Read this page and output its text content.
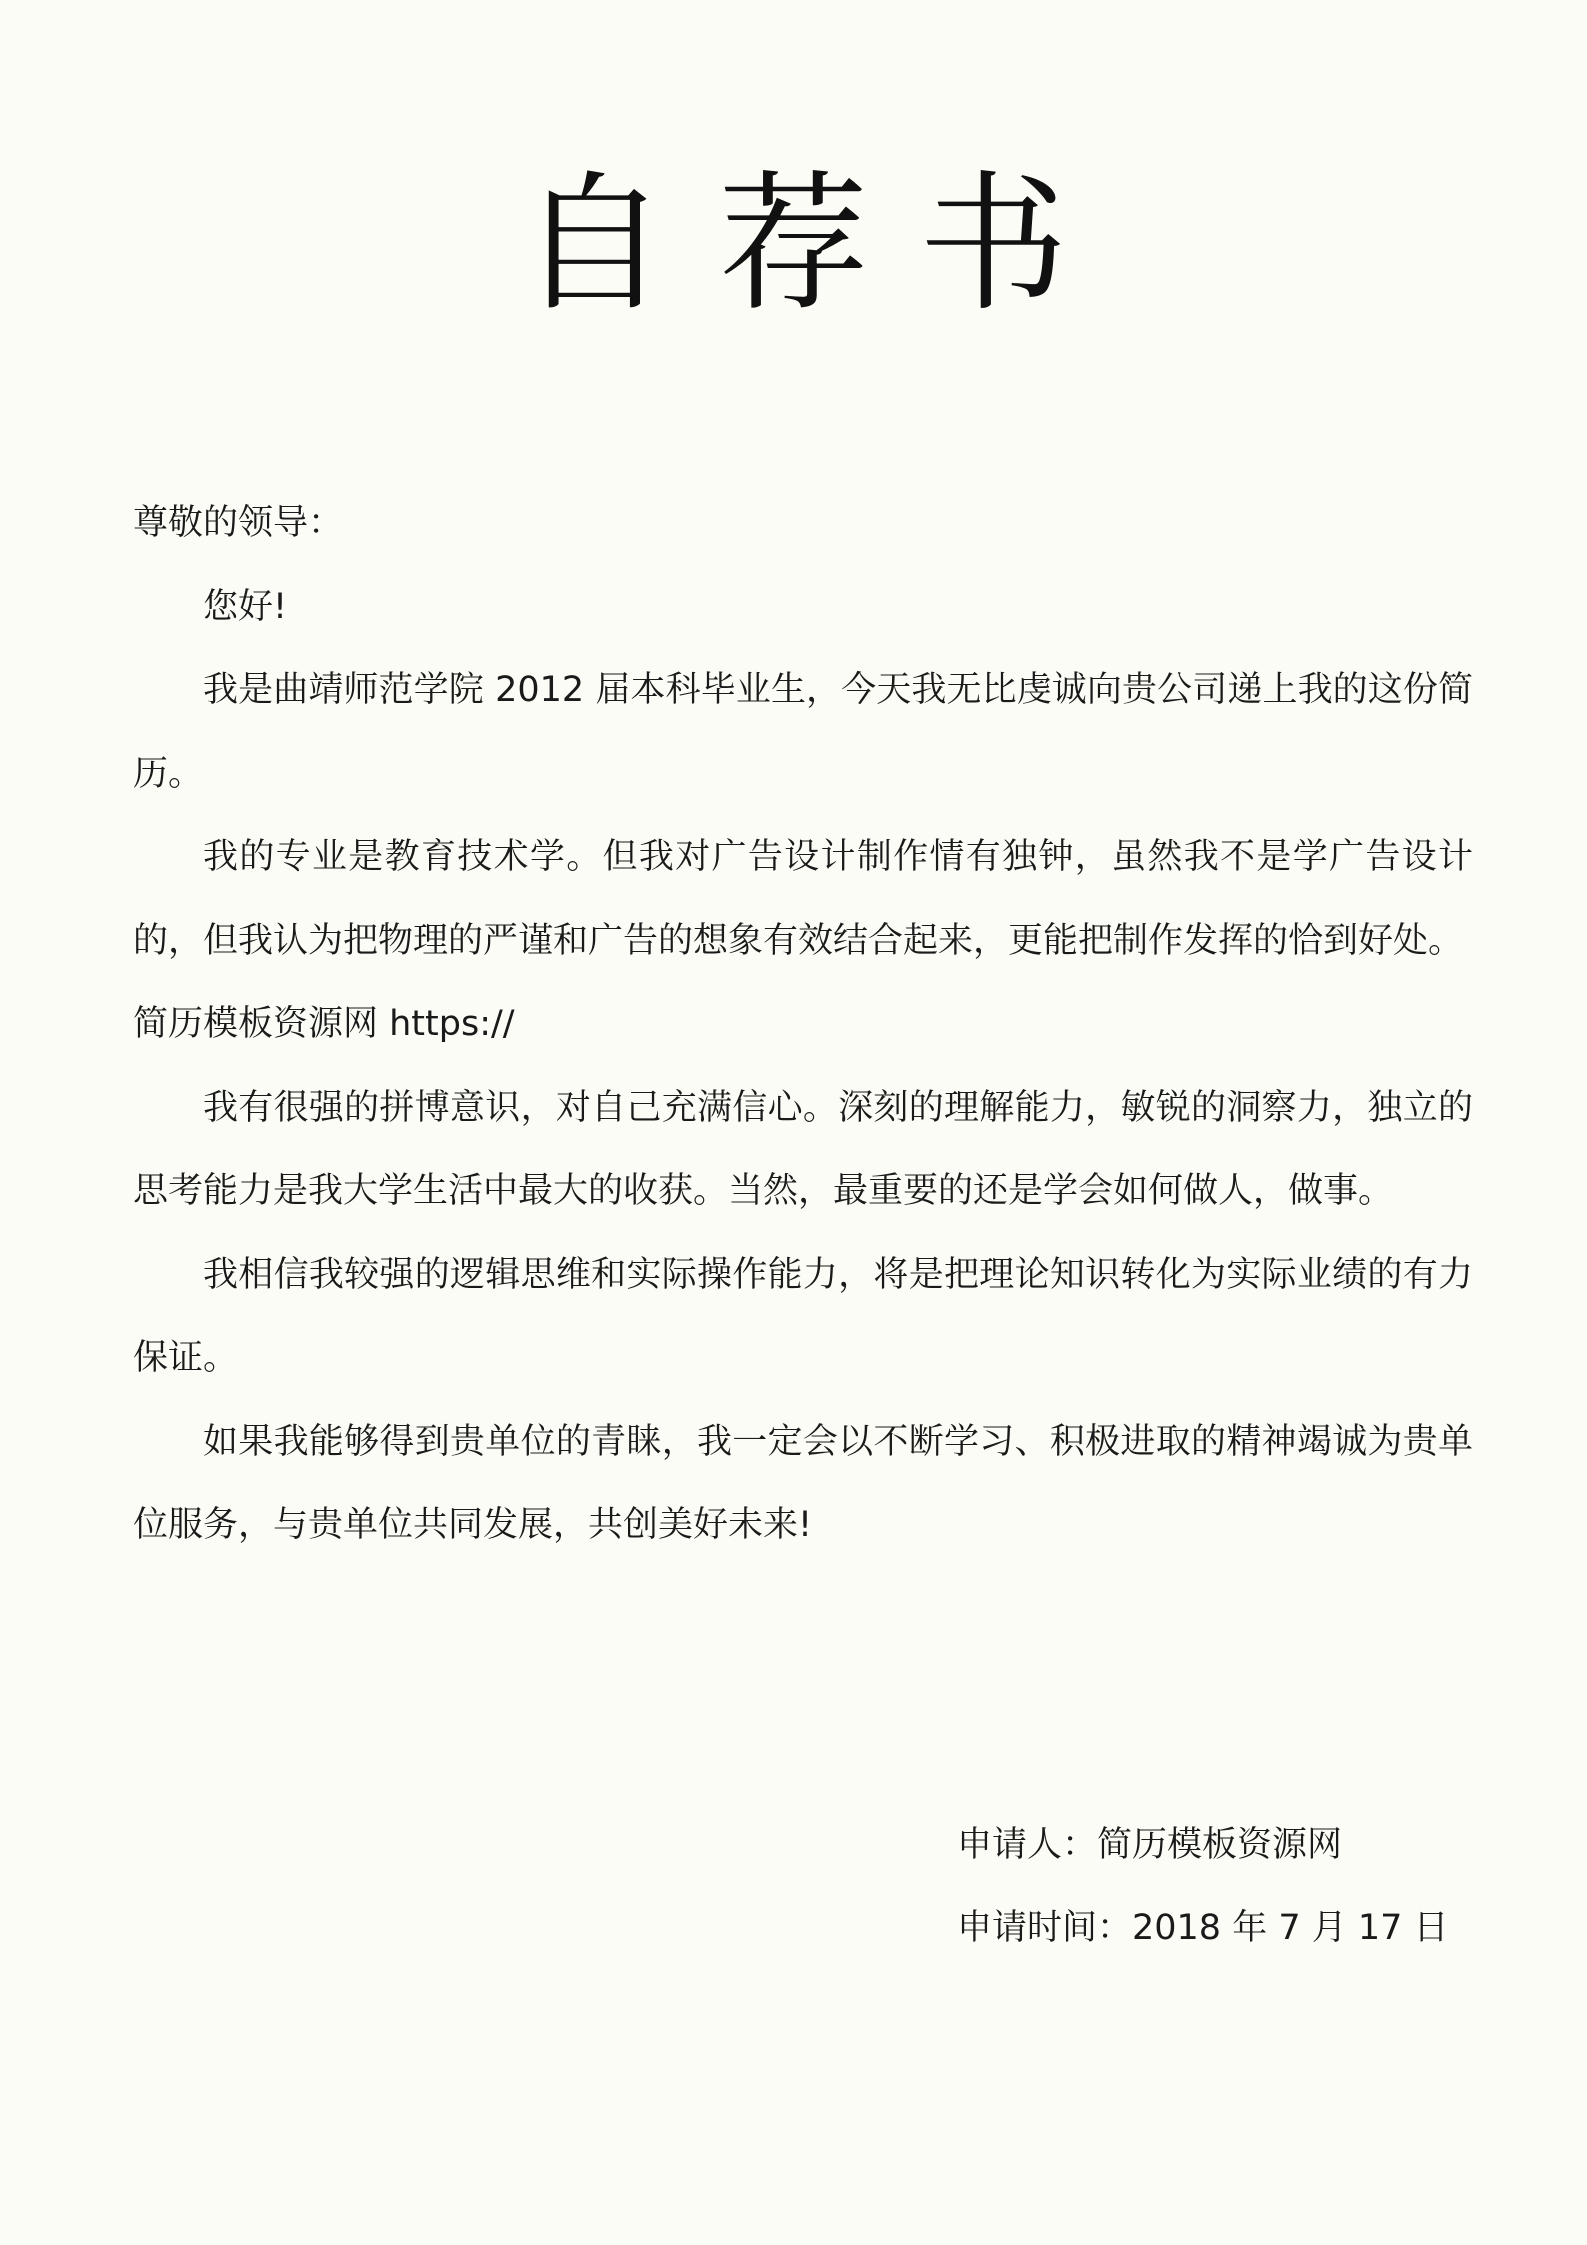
自荐书

尊敬的领导：

您好!

我是曲靖师范学院 2012 届本科毕业生，今天我无比虔诚向贵公司递上我的这份简历。

我的专业是教育技术学。但我对广告设计制作情有独钟，虽然我不是学广告设计的，但我认为把物理的严谨和广告的想象有效结合起来，更能把制作发挥的恰到好处。

简历模板资源网 https://

我有很强的拼博意识，对自己充满信心。深刻的理解能力，敏锐的洞察力，独立的思考能力是我大学生活中最大的收获。当然，最重要的还是学会如何做人，做事。

我相信我较强的逻辑思维和实际操作能力，将是把理论知识转化为实际业绩的有力保证。

如果我能够得到贵单位的青睐，我一定会以不断学习、积极进取的精神竭诚为贵单位服务，与贵单位共同发展，共创美好未来!

申请人：简历模板资源网
申请时间：2018 年 7 月 17 日
